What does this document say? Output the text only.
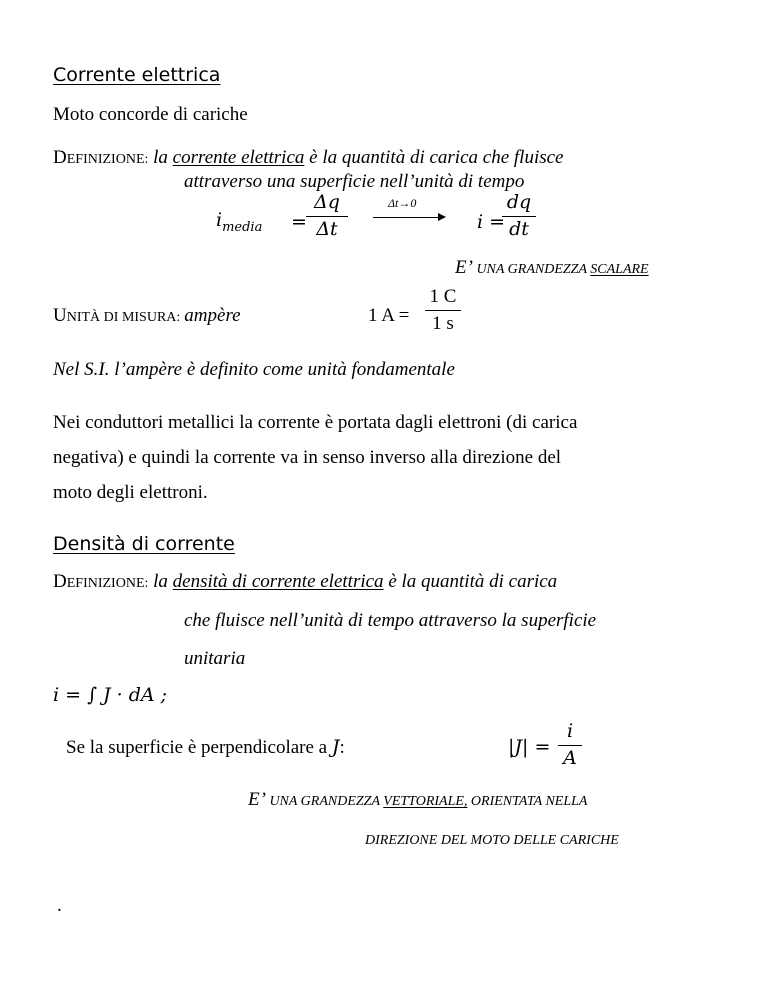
Corrente elettrica
Moto concorde di cariche
DEFINIZIONE: la corrente elettrica è la quantità di carica che fluisce
attraverso una superficie nell’unità di tempo
$i_{media}$ =
Δq
Δt
Δt→0
i =
dq
dt
E’ UNA GRANDEZZA SCALARE
UNITÀ DI MISURA: ampère	1 A =
1 C
1 s
Nel S.I. l’ampère è definito come unità fondamentale
Nei conduttori metallici la corrente è portata dagli elettroni (di carica
negativa) e quindi la corrente va in senso inverso alla direzione del
moto degli elettroni.
Densità di corrente
DEFINIZIONE: la densità di corrente elettrica è la quantità di carica
che fluisce nell’unità di tempo attraverso la superficie
unitaria
i = ∫ J · dA ;
Se la superficie è perpendicolare a J:	|J| =
i
A
E’ UNA GRANDEZZA VETTORIALE, ORIENTATA NELLA
DIREZIONE DEL MOTO DELLE CARICHE
.
